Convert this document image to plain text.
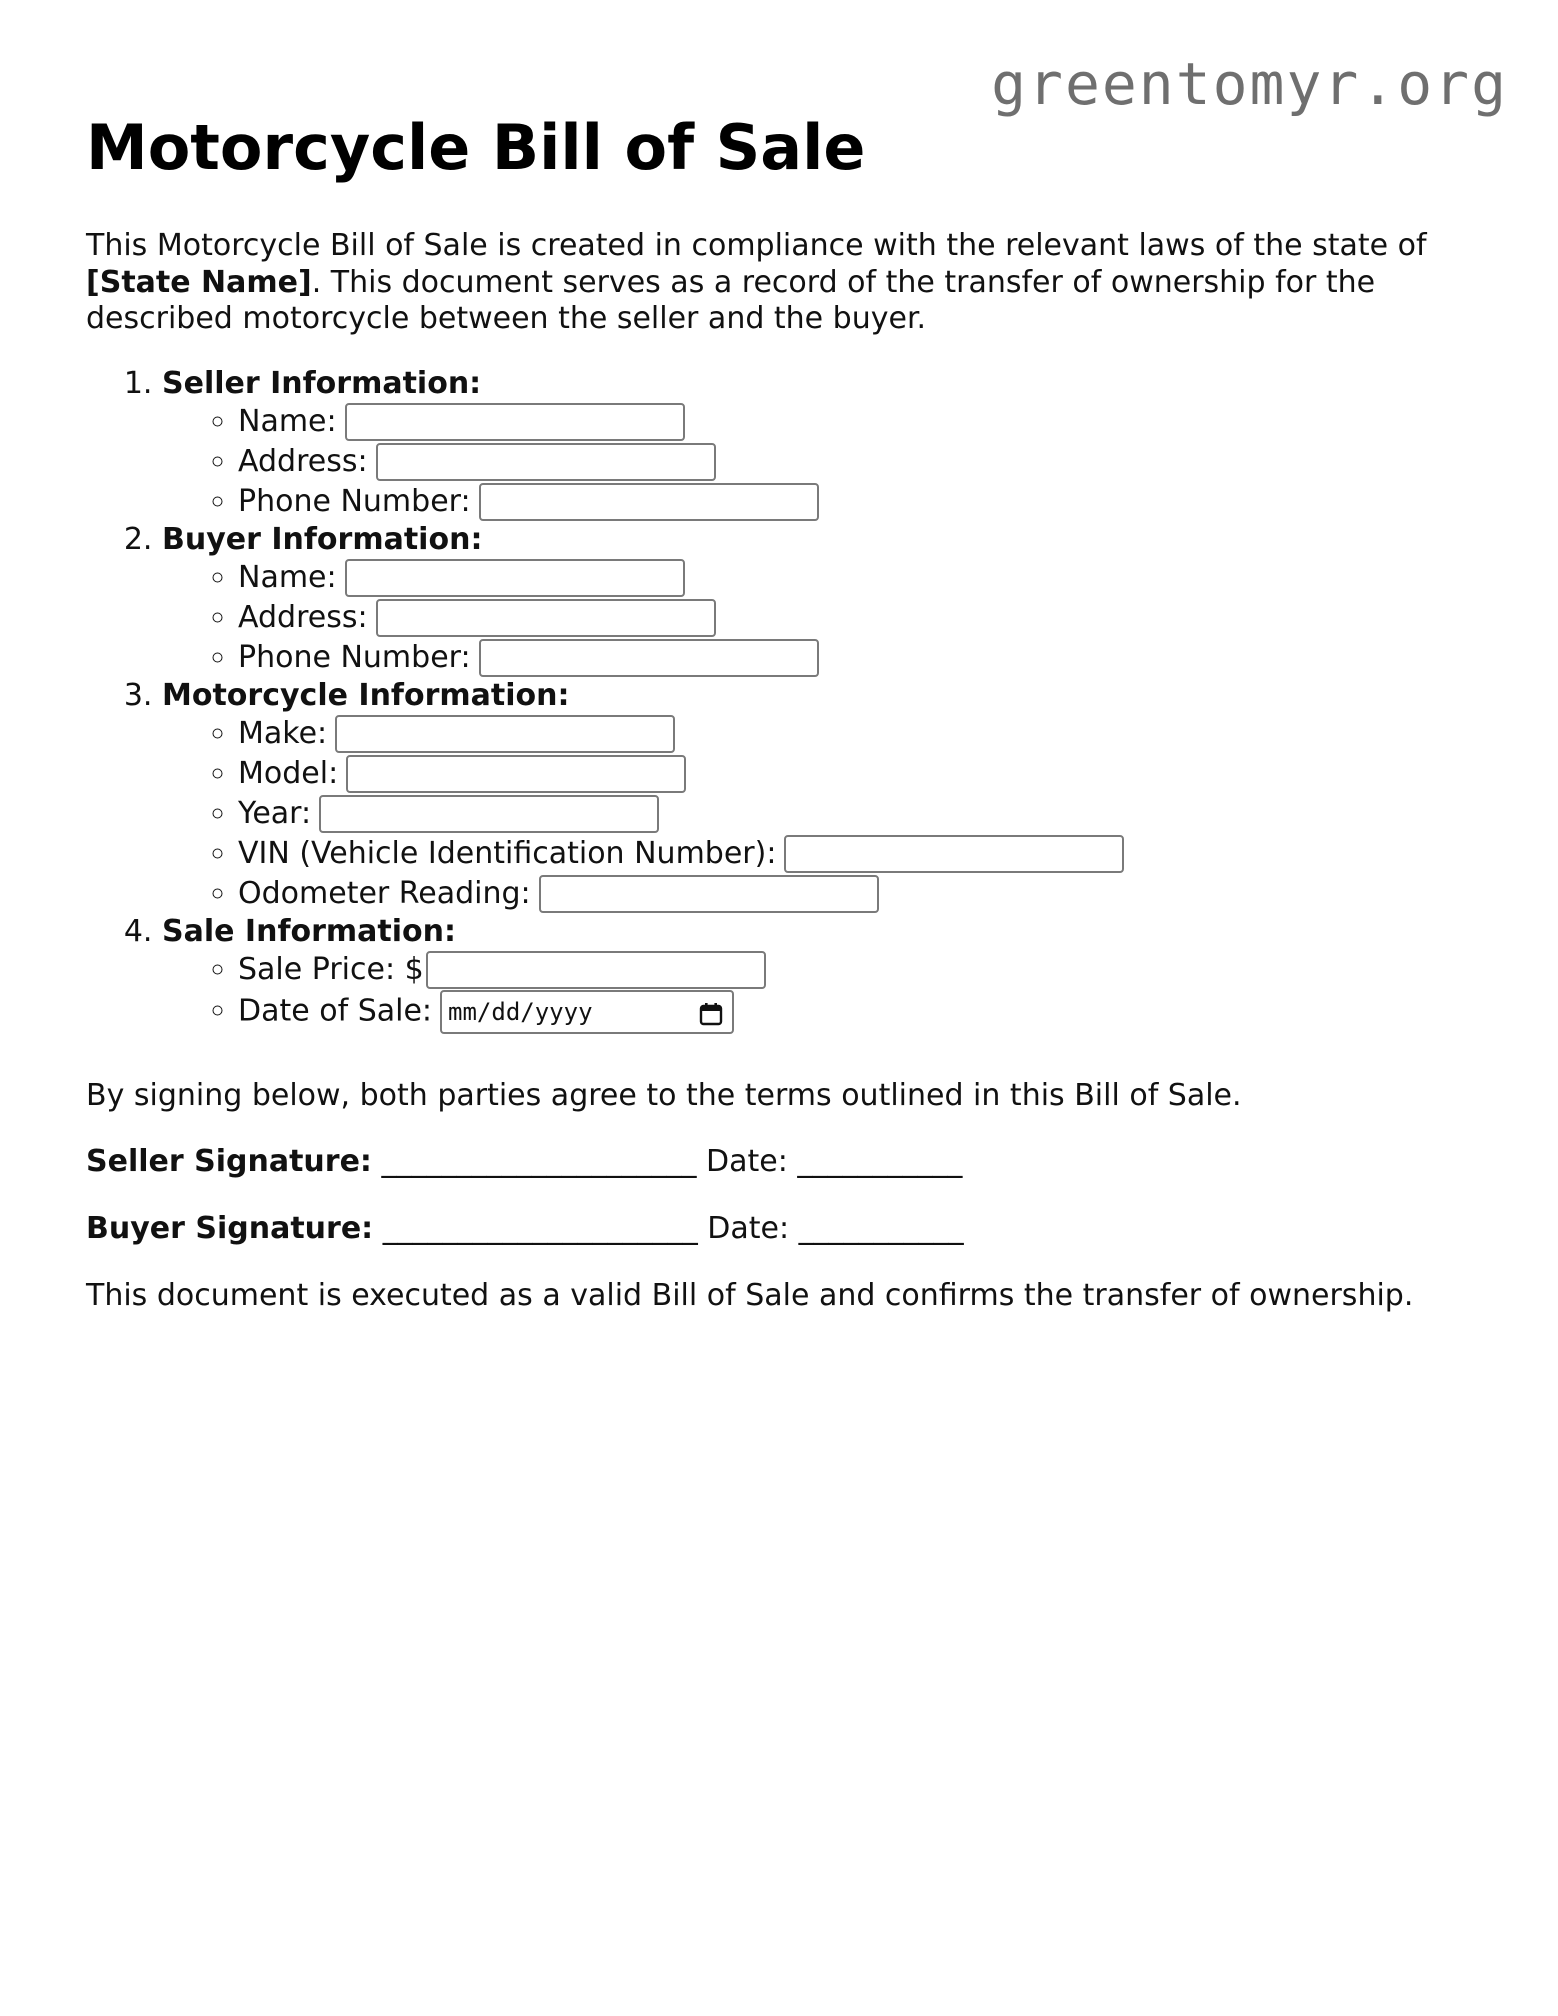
greentomyr.org
Motorcycle Bill of Sale

This Motorcycle Bill of Sale is created in compliance with the relevant laws of the state of [State Name]. This document serves as a record of the transfer of ownership for the described motorcycle between the seller and the buyer.

1. Seller Information:
◦ Name:
◦ Address:
◦ Phone Number:
2. Buyer Information:
◦ Name:
◦ Address:
◦ Phone Number:
3. Motorcycle Information:
◦ Make:
◦ Model:
◦ Year:
◦ VIN (Vehicle Identification Number):
◦ Odometer Reading:
4. Sale Information:
◦ Sale Price: $
◦ Date of Sale: mm/dd/yyyy

By signing below, both parties agree to the terms outlined in this Bill of Sale.

Seller Signature: _____________________ Date: ___________

Buyer Signature: _____________________ Date: ___________

This document is executed as a valid Bill of Sale and confirms the transfer of ownership.
